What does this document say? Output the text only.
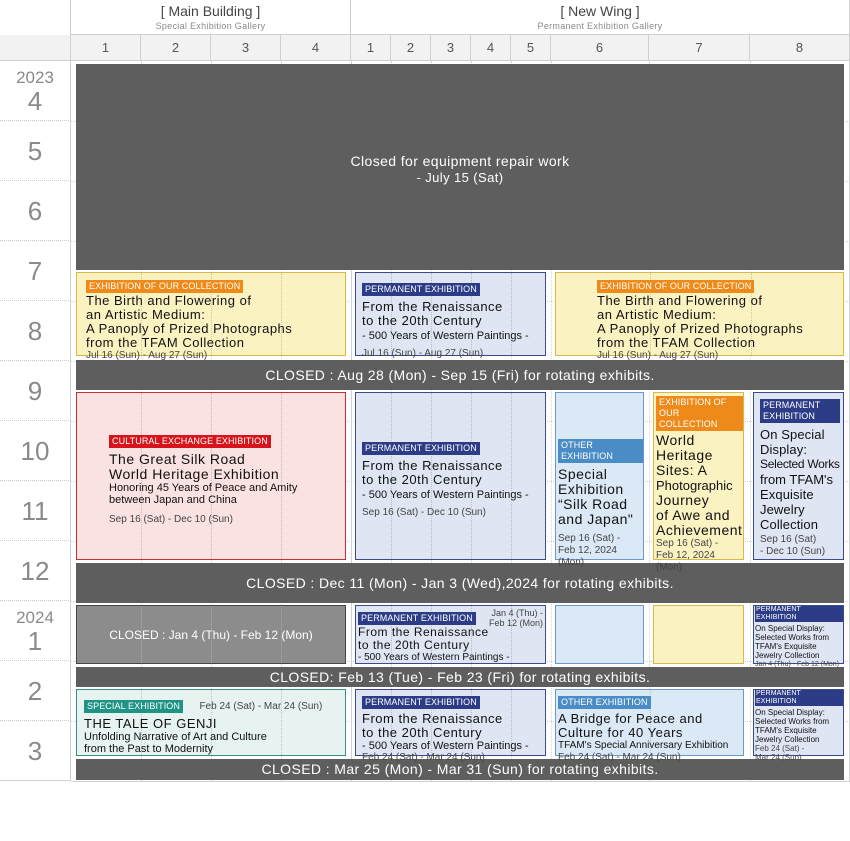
[ Main Building ]
Special Exhibition Gallery
[ New Wing ]
Permanent Exhibition Gallery
1	2	3	4	1	2	3	4	5	6	7	8
2023
4
5
6
7
8
9
10
11
12
2024
1
2
3
Closed for equipment repair work
- July 15 (Sat)
CLOSED : Aug 28 (Mon) - Sep 15 (Fri) for rotating exhibits.
CLOSED : Dec 11 (Mon) - Jan 3 (Wed),2024 for rotating exhibits.
CLOSED: Feb 13 (Tue) - Feb 23 (Fri) for rotating exhibits.
CLOSED : Mar 25 (Mon) - Mar 31 (Sun) for rotating exhibits.
EXHIBITION OF OUR COLLECTION
The Birth and Flowering of
an Artistic Medium:
A Panoply of Prized Photographs
from the TFAM Collection
Jul 16 (Sun) - Aug 27 (Sun)
PERMANENT EXHIBITION
From the Renaissance
to the 20th Century
- 500 Years of Western Paintings -
Jul 16 (Sun) - Aug 27 (Sun)
EXHIBITION OF OUR COLLECTION
The Birth and Flowering of
an Artistic Medium:
A Panoply of Prized Photographs
from the TFAM Collection
Jul 16 (Sun) - Aug 27 (Sun)
CULTURAL EXCHANGE EXHIBITION
The Great Silk Road
World Heritage Exhibition
Honoring 45 Years of Peace and Amity
between Japan and China
Sep 16 (Sat) - Dec 10 (Sun)
PERMANENT EXHIBITION
From the Renaissance
to the 20th Century
- 500 Years of Western Paintings -
Sep 16 (Sat) - Dec 10 (Sun)
OTHER EXHIBITION
Special
Exhibition
“Silk Road
and Japan"
Sep 16 (Sat) -
Feb 12, 2024
(Mon)
EXHIBITION OF
OUR COLLECTION
World
Heritage
Sites: A
Photographic
Journey
of Awe and
Achievement
Sep 16 (Sat) -
Feb 12, 2024
(Mon)
PERMANENT
EXHIBITION
On Special
Display:
Selected Works
from TFAM's
Exquisite
Jewelry
Collection
Sep 16 (Sat)
- Dec 10 (Sun)
CLOSED : Jan 4 (Thu) - Feb 12 (Mon)
PERMANENT EXHIBITION
From the Renaissance
to the 20th Century
- 500 Years of Western Paintings -
Jan 4 (Thu) -
Feb 12 (Mon)
PERMANENT EXHIBITION
On Special Display:
Selected Works from
TFAM's Exquisite
Jewelry Collection
Jan 4 (Thu) - Feb 12 (Mon)
SPECIAL EXHIBITION Feb 24 (Sat) - Mar 24 (Sun)
THE TALE OF GENJI
Unfolding Narrative of Art and Culture
from the Past to Modernity
PERMANENT EXHIBITION
From the Renaissance
to the 20th Century
- 500 Years of Western Paintings -
Feb 24 (Sat) - Mar 24 (Sun)
OTHER EXHIBITION
A Bridge for Peace and
Culture for 40 Years
TFAM's Special Anniversary Exhibition
Feb 24 (Sat) - Mar 24 (Sun)
PERMANENT EXHIBITION
On Special Display:
Selected Works from
TFAM's Exquisite
Jewelry Collection
Feb 24 (Sat) -
Mar 24 (Sun)
